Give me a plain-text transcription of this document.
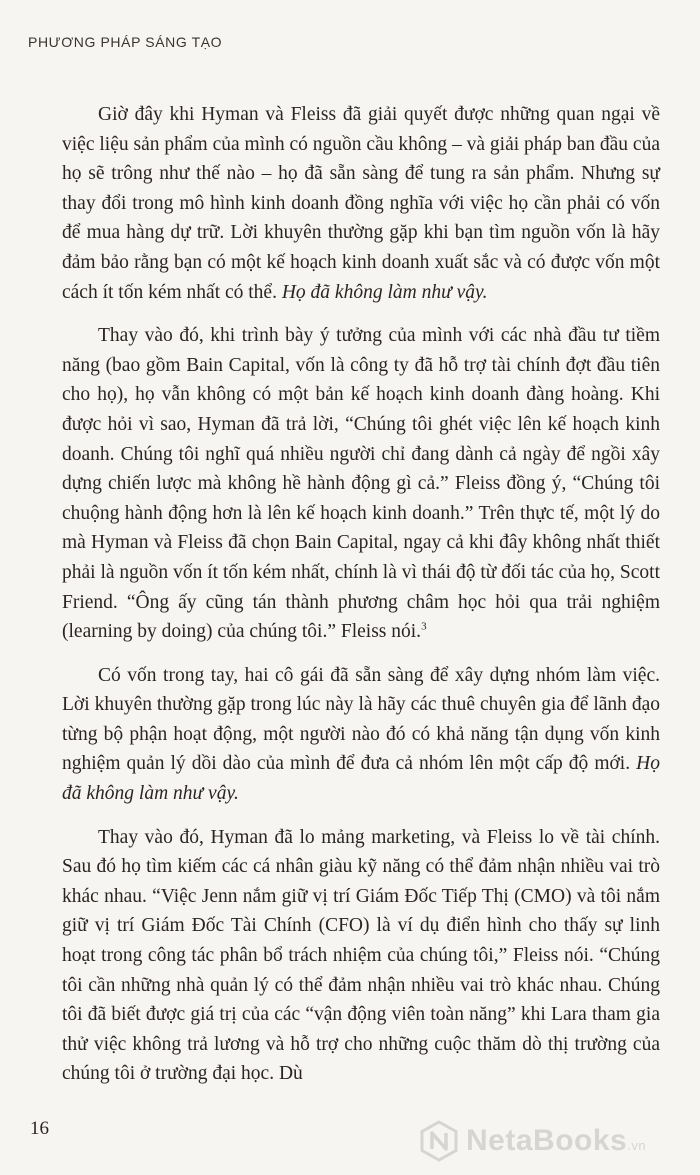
PHƯƠNG PHÁP SÁNG TẠO

Giờ đây khi Hyman và Fleiss đã giải quyết được những quan ngại về việc liệu sản phẩm của mình có nguồn cầu không – và giải pháp ban đầu của họ sẽ trông như thế nào – họ đã sẵn sàng để tung ra sản phẩm. Nhưng sự thay đổi trong mô hình kinh doanh đồng nghĩa với việc họ cần phải có vốn để mua hàng dự trữ. Lời khuyên thường gặp khi bạn tìm nguồn vốn là hãy đảm bảo rằng bạn có một kế hoạch kinh doanh xuất sắc và có được vốn một cách ít tốn kém nhất có thể. Họ đã không làm như vậy.

Thay vào đó, khi trình bày ý tưởng của mình với các nhà đầu tư tiềm năng (bao gồm Bain Capital, vốn là công ty đã hỗ trợ tài chính đợt đầu tiên cho họ), họ vẫn không có một bản kế hoạch kinh doanh đàng hoàng. Khi được hỏi vì sao, Hyman đã trả lời, “Chúng tôi ghét việc lên kế hoạch kinh doanh. Chúng tôi nghĩ quá nhiều người chỉ đang dành cả ngày để ngồi xây dựng chiến lược mà không hề hành động gì cả.” Fleiss đồng ý, “Chúng tôi chuộng hành động hơn là lên kế hoạch kinh doanh.” Trên thực tế, một lý do mà Hyman và Fleiss đã chọn Bain Capital, ngay cả khi đây không nhất thiết phải là nguồn vốn ít tốn kém nhất, chính là vì thái độ từ đối tác của họ, Scott Friend. “Ông ấy cũng tán thành phương châm học hỏi qua trải nghiệm (learning by doing) của chúng tôi.” Fleiss nói.$^3$

Có vốn trong tay, hai cô gái đã sẵn sàng để xây dựng nhóm làm việc. Lời khuyên thường gặp trong lúc này là hãy các thuê chuyên gia để lãnh đạo từng bộ phận hoạt động, một người nào đó có khả năng tận dụng vốn kinh nghiệm quản lý dồi dào của mình để đưa cả nhóm lên một cấp độ mới. Họ đã không làm như vậy.

Thay vào đó, Hyman đã lo mảng marketing, và Fleiss lo về tài chính. Sau đó họ tìm kiếm các cá nhân giàu kỹ năng có thể đảm nhận nhiều vai trò khác nhau. “Việc Jenn nắm giữ vị trí Giám Đốc Tiếp Thị (CMO) và tôi nắm giữ vị trí Giám Đốc Tài Chính (CFO) là ví dụ điển hình cho thấy sự linh hoạt trong công tác phân bổ trách nhiệm của chúng tôi,” Fleiss nói. “Chúng tôi cần những nhà quản lý có thể đảm nhận nhiều vai trò khác nhau. Chúng tôi đã biết được giá trị của các “vận động viên toàn năng” khi Lara tham gia thử việc không trả lương và hỗ trợ cho những cuộc thăm dò thị trường của chúng tôi ở trường đại học. Dù

16	NetaBooks.vn
